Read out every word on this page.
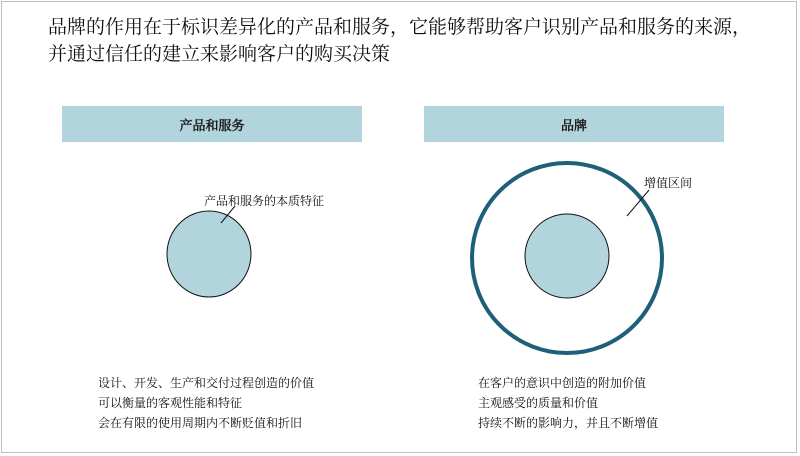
品牌的作用在于标识差异化的产品和服务，它能够帮助客户识别产品和服务的来源，并通过信任的建立来影响客户的购买决策
产品和服务	品牌
产品和服务的本质特征
增值区间
设计、开发、生产和交付过程创造的价值
可以衡量的客观性能和特征
会在有限的使用周期内不断贬值和折旧
在客户的意识中创造的附加价值
主观感受的质量和价值
持续不断的影响力，并且不断增值
